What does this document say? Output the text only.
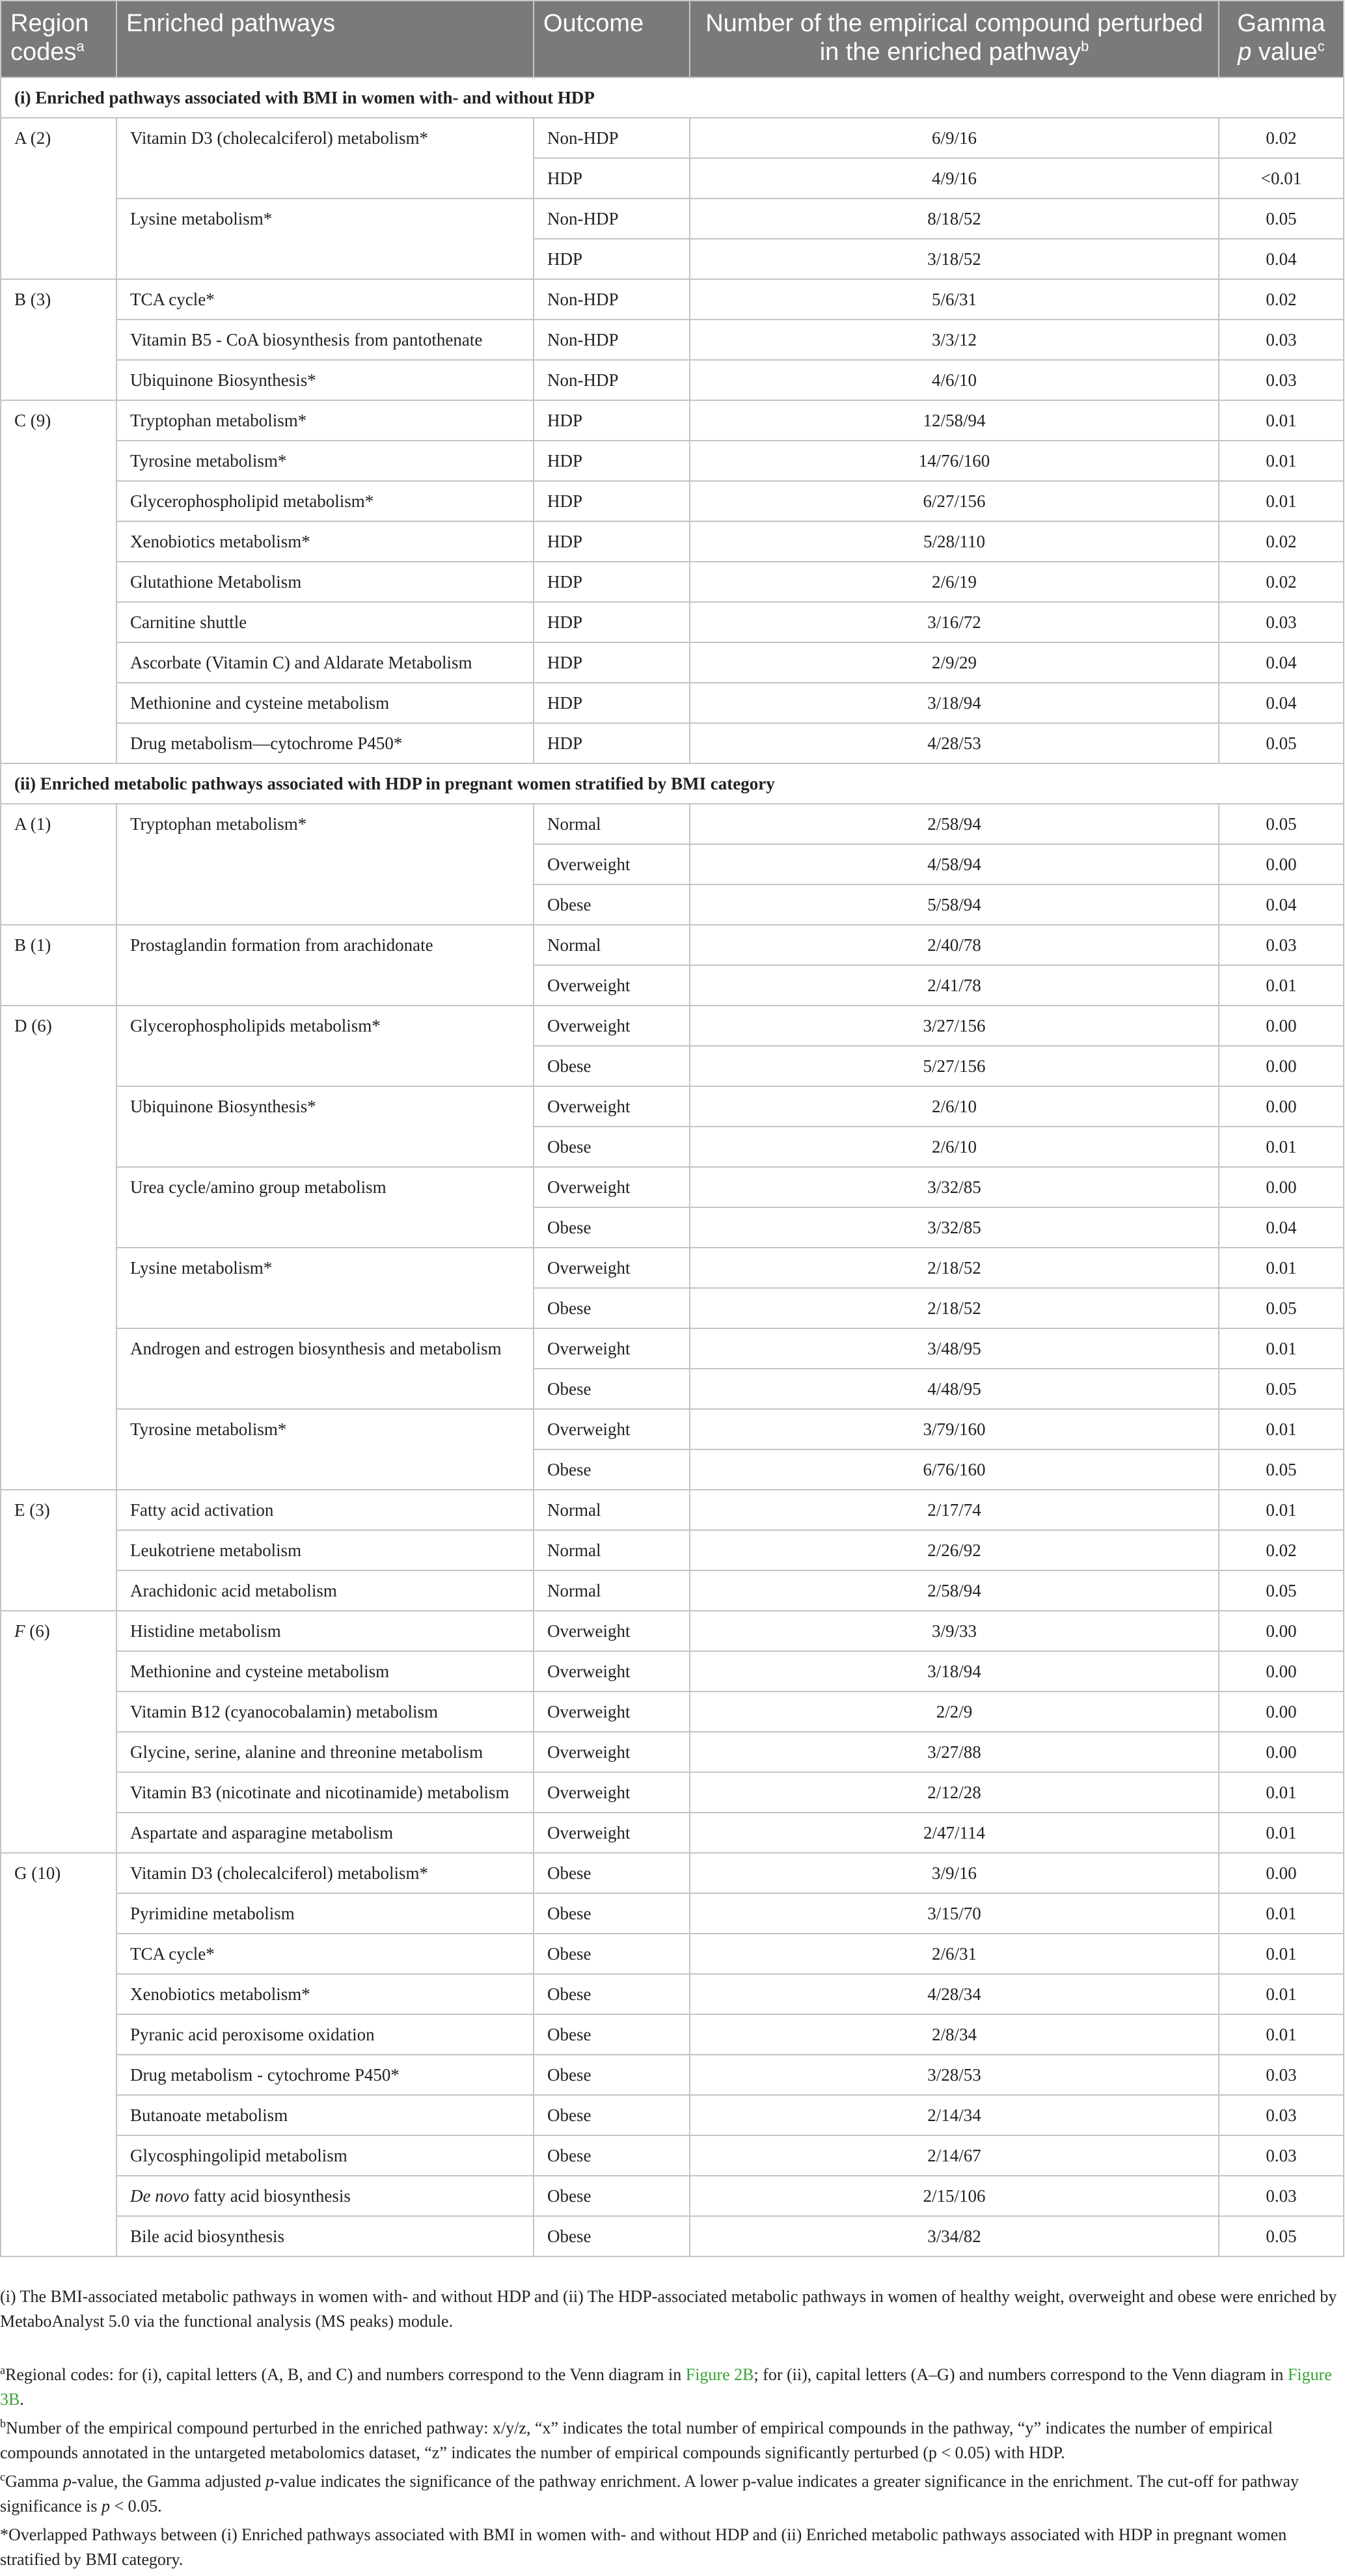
Region codes$^a$	Enriched pathways	Outcome	Number of the empirical compound perturbed in the enriched pathway$^b$	Gamma
p value$^c$
(i) Enriched pathways associated with BMI in women with- and without HDP				
A (2)	Vitamin D3 (cholecalciferol) metabolism*	Non-HDP	6/9/16	0.02
		HDP	4/9/16	<0.01
	Lysine metabolism*	Non-HDP	8/18/52	0.05
		HDP	3/18/52	0.04
B (3)	TCA cycle*	Non-HDP	5/6/31	0.02
	Vitamin B5 - CoA biosynthesis from pantothenate	Non-HDP	3/3/12	0.03
	Ubiquinone Biosynthesis*	Non-HDP	4/6/10	0.03
C (9)	Tryptophan metabolism*	HDP	12/58/94	0.01
	Tyrosine metabolism*	HDP	14/76/160	0.01
	Glycerophospholipid metabolism*	HDP	6/27/156	0.01
	Xenobiotics metabolism*	HDP	5/28/110	0.02
	Glutathione Metabolism	HDP	2/6/19	0.02
	Carnitine shuttle	HDP	3/16/72	0.03
	Ascorbate (Vitamin C) and Aldarate Metabolism	HDP	2/9/29	0.04
	Methionine and cysteine metabolism	HDP	3/18/94	0.04
	Drug metabolism—cytochrome P450*	HDP	4/28/53	0.05
(ii) Enriched metabolic pathways associated with HDP in pregnant women stratified by BMI category				
A (1)	Tryptophan metabolism*	Normal	2/58/94	0.05
		Overweight	4/58/94	0.00
		Obese	5/58/94	0.04
B (1)	Prostaglandin formation from arachidonate	Normal	2/40/78	0.03
		Overweight	2/41/78	0.01
D (6)	Glycerophospholipids metabolism*	Overweight	3/27/156	0.00
		Obese	5/27/156	0.00
	Ubiquinone Biosynthesis*	Overweight	2/6/10	0.00
		Obese	2/6/10	0.01
	Urea cycle/amino group metabolism	Overweight	3/32/85	0.00
		Obese	3/32/85	0.04
	Lysine metabolism*	Overweight	2/18/52	0.01
		Obese	2/18/52	0.05
	Androgen and estrogen biosynthesis and metabolism	Overweight	3/48/95	0.01
		Obese	4/48/95	0.05
	Tyrosine metabolism*	Overweight	3/79/160	0.01
		Obese	6/76/160	0.05
E (3)	Fatty acid activation	Normal	2/17/74	0.01
	Leukotriene metabolism	Normal	2/26/92	0.02
	Arachidonic acid metabolism	Normal	2/58/94	0.05
F (6)	Histidine metabolism	Overweight	3/9/33	0.00
	Methionine and cysteine metabolism	Overweight	3/18/94	0.00
	Vitamin B12 (cyanocobalamin) metabolism	Overweight	2/2/9	0.00
	Glycine, serine, alanine and threonine metabolism	Overweight	3/27/88	0.00
	Vitamin B3 (nicotinate and nicotinamide) metabolism	Overweight	2/12/28	0.01
	Aspartate and asparagine metabolism	Overweight	2/47/114	0.01
G (10)	Vitamin D3 (cholecalciferol) metabolism*	Obese	3/9/16	0.00
	Pyrimidine metabolism	Obese	3/15/70	0.01
	TCA cycle*	Obese	2/6/31	0.01
	Xenobiotics metabolism*	Obese	4/28/34	0.01
	Pyranic acid peroxisome oxidation	Obese	2/8/34	0.01
	Drug metabolism - cytochrome P450*	Obese	3/28/53	0.03
	Butanoate metabolism	Obese	2/14/34	0.03
	Glycosphingolipid metabolism	Obese	2/14/67	0.03
	De novo fatty acid biosynthesis	Obese	2/15/106	0.03
	Bile acid biosynthesis	Obese	3/34/82	0.05

(i) The BMI-associated metabolic pathways in women with- and without HDP and (ii) The HDP-associated metabolic pathways in women of healthy weight, overweight and obese were enriched by MetaboAnalyst 5.0 via the functional analysis (MS peaks) module.

$^a$Regional codes: for (i), capital letters (A, B, and C) and numbers correspond to the Venn diagram in Figure 2B; for (ii), capital letters (A–G) and numbers correspond to the Venn diagram in Figure 3B.

$^b$Number of the empirical compound perturbed in the enriched pathway: x/y/z, “x” indicates the total number of empirical compounds in the pathway, “y” indicates the number of empirical compounds annotated in the untargeted metabolomics dataset, “z” indicates the number of empirical compounds significantly perturbed (p < 0.05) with HDP.

$^c$Gamma p-value, the Gamma adjusted p-value indicates the significance of the pathway enrichment. A lower p-value indicates a greater significance in the enrichment. The cut-off for pathway significance is p < 0.05.

*Overlapped Pathways between (i) Enriched pathways associated with BMI in women with- and without HDP and (ii) Enriched metabolic pathways associated with HDP in pregnant women stratified by BMI category.
